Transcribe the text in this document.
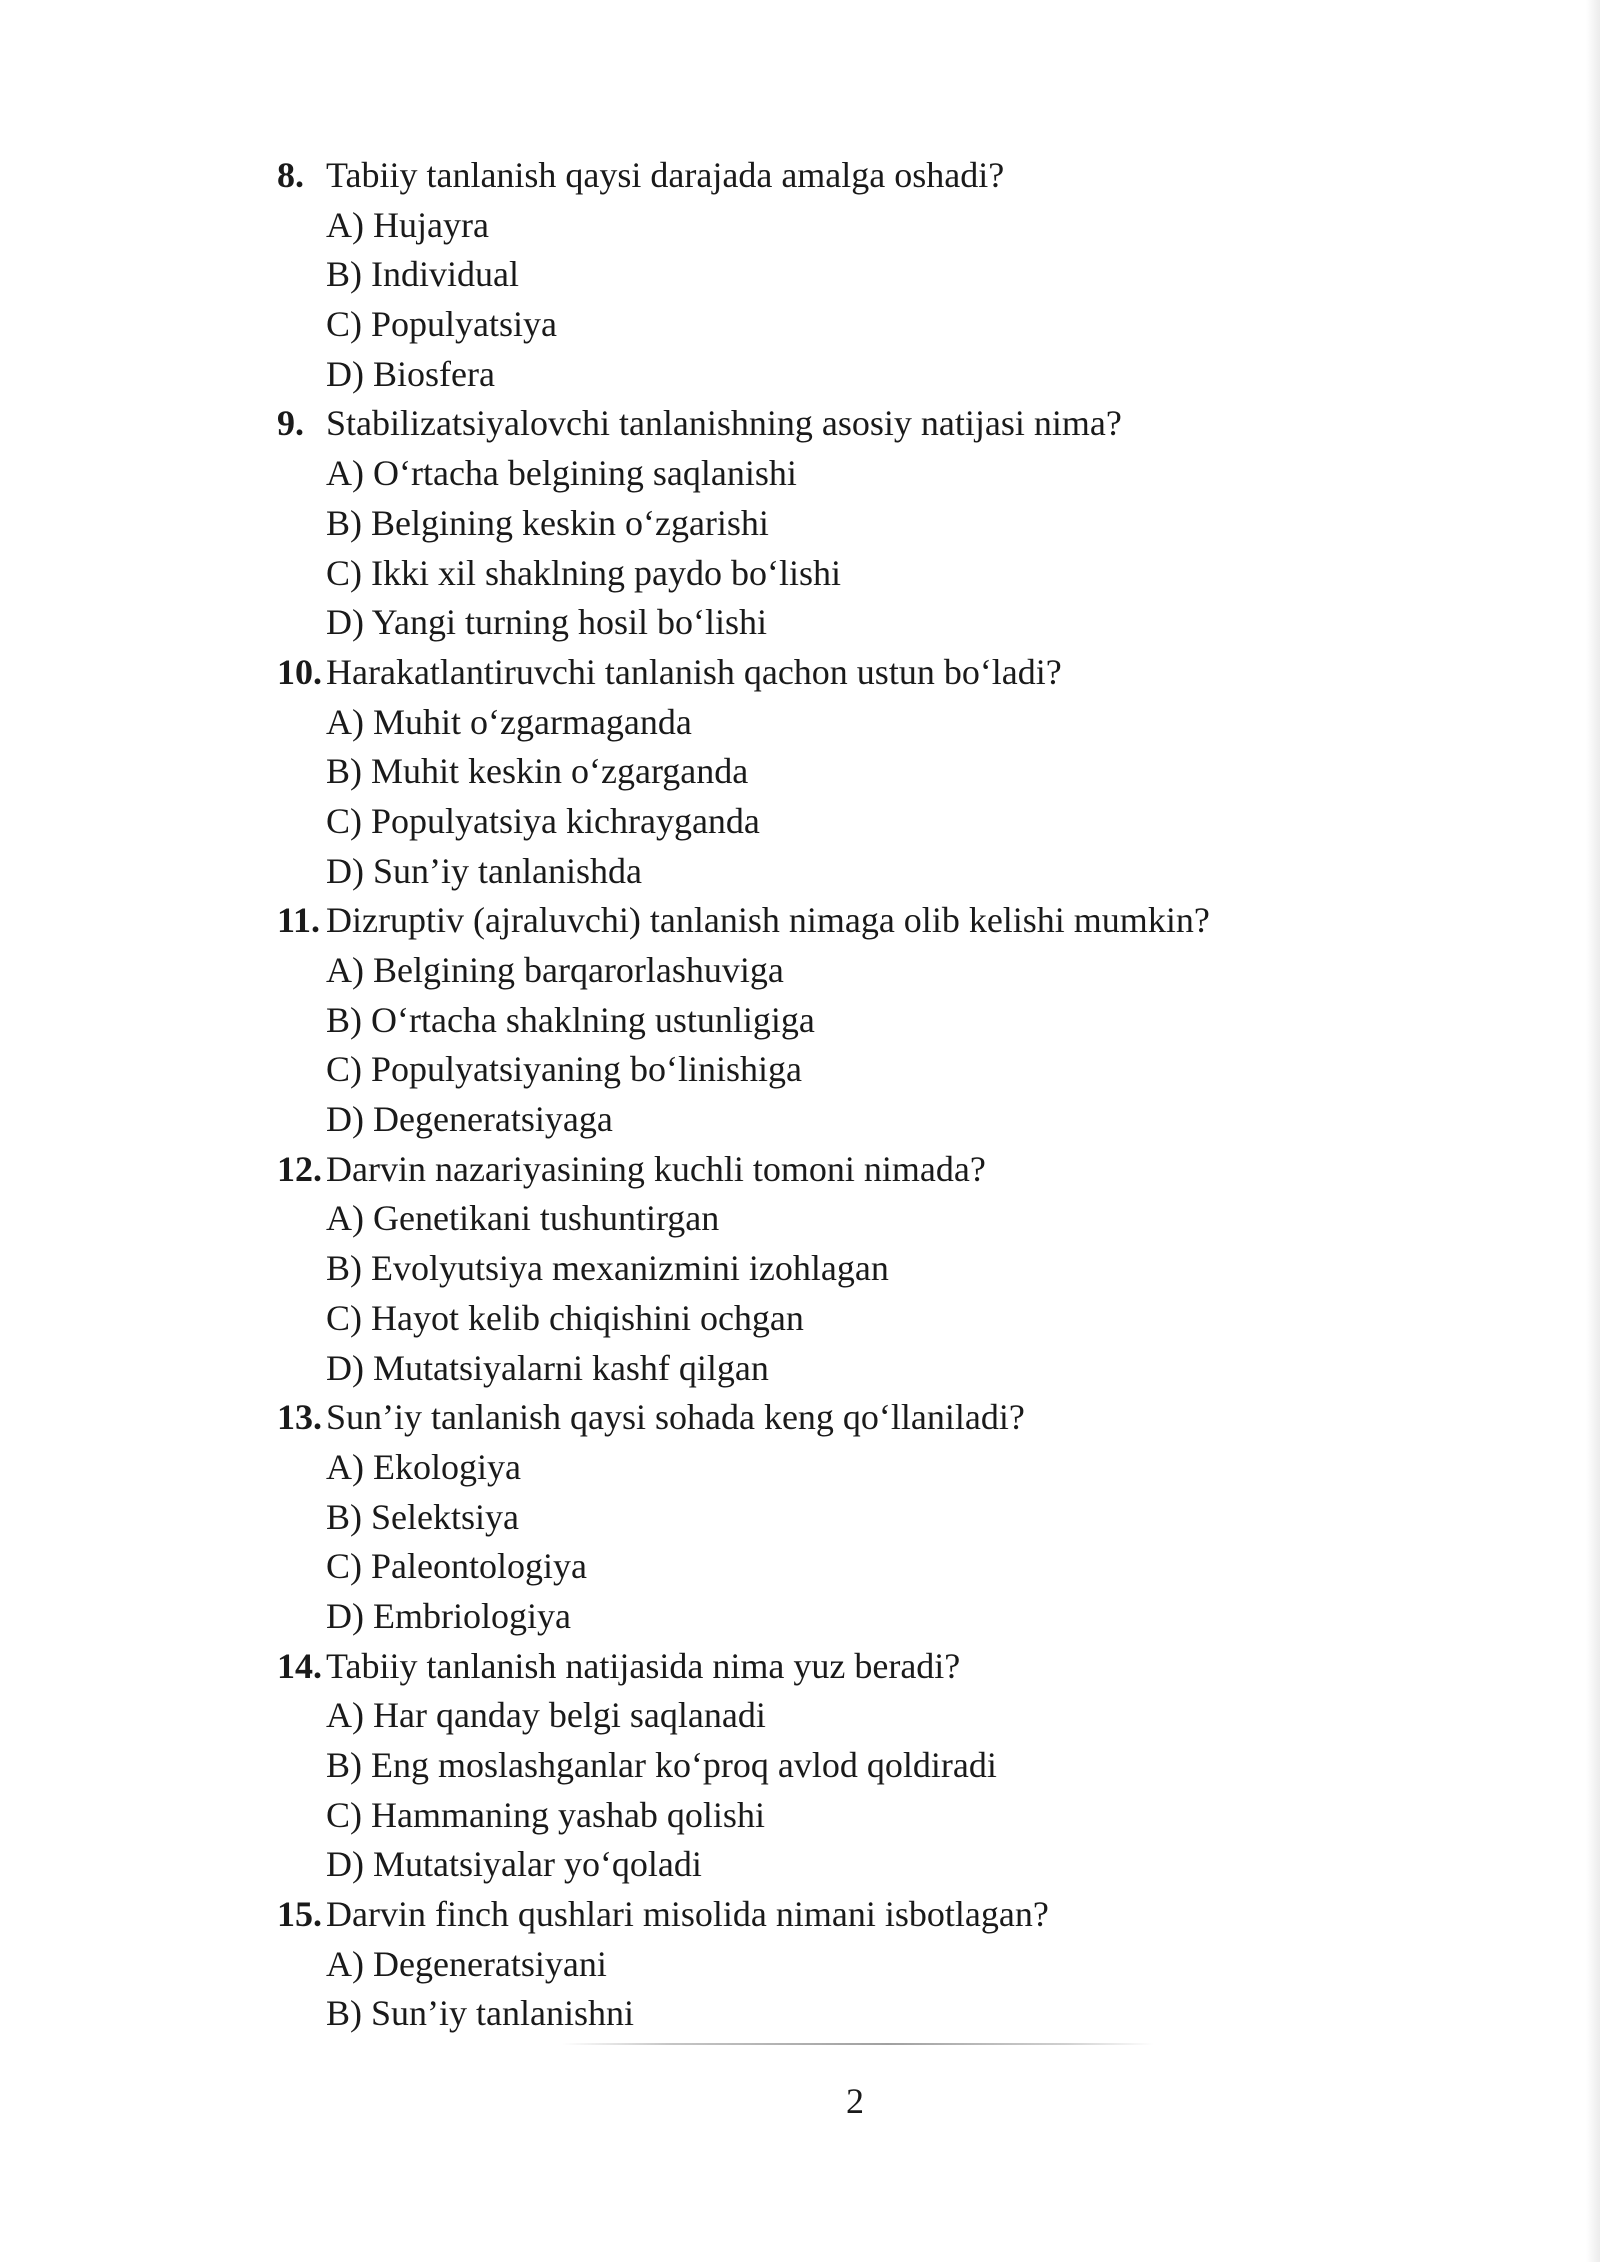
8. Tabiiy tanlanish qaysi darajada amalga oshadi?
A) Hujayra
B) Individual
C) Populyatsiya
D) Biosfera
9. Stabilizatsiyalovchi tanlanishning asosiy natijasi nima?
A) O‘rtacha belgining saqlanishi
B) Belgining keskin o‘zgarishi
C) Ikki xil shaklning paydo bo‘lishi
D) Yangi turning hosil bo‘lishi
10. Harakatlantiruvchi tanlanish qachon ustun bo‘ladi?
A) Muhit o‘zgarmaganda
B) Muhit keskin o‘zgarganda
C) Populyatsiya kichrayganda
D) Sun’iy tanlanishda
11. Dizruptiv (ajraluvchi) tanlanish nimaga olib kelishi mumkin?
A) Belgining barqarorlashuviga
B) O‘rtacha shaklning ustunligiga
C) Populyatsiyaning bo‘linishiga
D) Degeneratsiyaga
12. Darvin nazariyasining kuchli tomoni nimada?
A) Genetikani tushuntirgan
B) Evolyutsiya mexanizmini izohlagan
C) Hayot kelib chiqishini ochgan
D) Mutatsiyalarni kashf qilgan
13. Sun’iy tanlanish qaysi sohada keng qo‘llaniladi?
A) Ekologiya
B) Selektsiya
C) Paleontologiya
D) Embriologiya
14. Tabiiy tanlanish natijasida nima yuz beradi?
A) Har qanday belgi saqlanadi
B) Eng moslashganlar ko‘proq avlod qoldiradi
C) Hammaning yashab qolishi
D) Mutatsiyalar yo‘qoladi
15. Darvin finch qushlari misolida nimani isbotlagan?
A) Degeneratsiyani
B) Sun’iy tanlanishni
2
